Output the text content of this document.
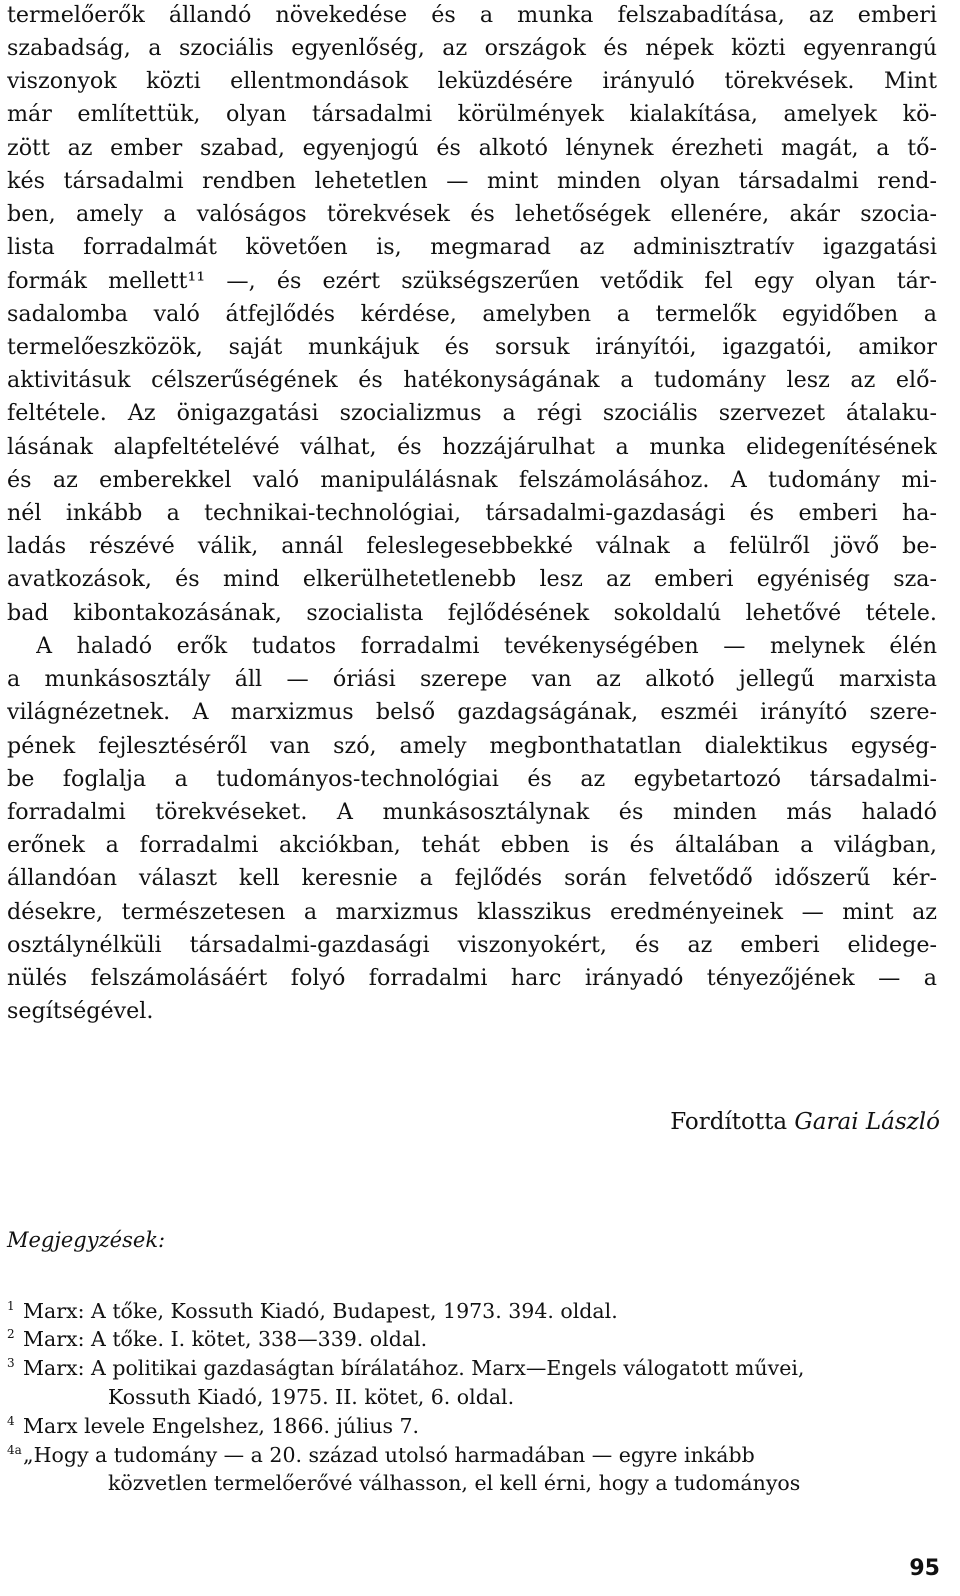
termelőerők állandó növekedése és a munka felszabadítása, az emberi
szabadság, a szociális egyenlőség, az országok és népek közti egyenrangú
viszonyok közti ellentmondások leküzdésére irányuló törekvések. Mint
már említettük, olyan társadalmi körülmények kialakítása, amelyek kö-
zött az ember szabad, egyenjogú és alkotó lénynek érezheti magát, a tő-
kés társadalmi rendben lehetetlen — mint minden olyan társadalmi rend-
ben, amely a valóságos törekvések és lehetőségek ellenére, akár szocia-
lista forradalmát követően is, megmarad az adminisztratív igazgatási
formák mellett¹¹ —, és ezért szükségszerűen vetődik fel egy olyan tár-
sadalomba való átfejlődés kérdése, amelyben a termelők egyidőben a
termelőeszközök, saját munkájuk és sorsuk irányítói, igazgatói, amikor
aktivitásuk célszerűségének és hatékonyságának a tudomány lesz az elő-
feltétele. Az önigazgatási szocializmus a régi szociális szervezet átalaku-
lásának alapfeltételévé válhat, és hozzájárulhat a munka elidegenítésének
és az emberekkel való manipulálásnak felszámolásához. A tudomány mi-
nél inkább a technikai-technológiai, társadalmi-gazdasági és emberi ha-
ladás részévé válik, annál feleslegesebbekké válnak a felülről jövő be-
avatkozások, és mind elkerülhetetlenebb lesz az emberi egyéniség sza-
bad kibontakozásának, szocialista fejlődésének sokoldalú lehetővé tétele.
A haladó erők tudatos forradalmi tevékenységében — melynek élén
a munkásosztály áll — óriási szerepe van az alkotó jellegű marxista
világnézetnek. A marxizmus belső gazdagságának, eszméi irányító szere-
pének fejlesztéséről van szó, amely megbonthatatlan dialektikus egység-
be foglalja a tudományos-technológiai és az egybetartozó társadalmi-
forradalmi törekvéseket. A munkásosztálynak és minden más haladó
erőnek a forradalmi akciókban, tehát ebben is és általában a világban,
állandóan választ kell keresnie a fejlődés során felvetődő időszerű kér-
désekre, természetesen a marxizmus klasszikus eredményeinek — mint az
osztálynélküli társadalmi-gazdasági viszonyokért, és az emberi elidege-
nülés felszámolásáért folyó forradalmi harc irányadó tényezőjének — a
segítségével.
Fordította Garai László
Megjegyzések:
1 Marx: A tőke, Kossuth Kiadó, Budapest, 1973. 394. oldal.
2 Marx: A tőke. I. kötet, 338—339. oldal.
3 Marx: A politikai gazdaságtan bírálatához. Marx—Engels válogatott művei,
Kossuth Kiadó, 1975. II. kötet, 6. oldal.
4 Marx levele Engelshez, 1866. július 7.
4a„Hogy a tudomány — a 20. század utolsó harmadában — egyre inkább
közvetlen termelőerővé válhasson, el kell érni, hogy a tudományos
95
